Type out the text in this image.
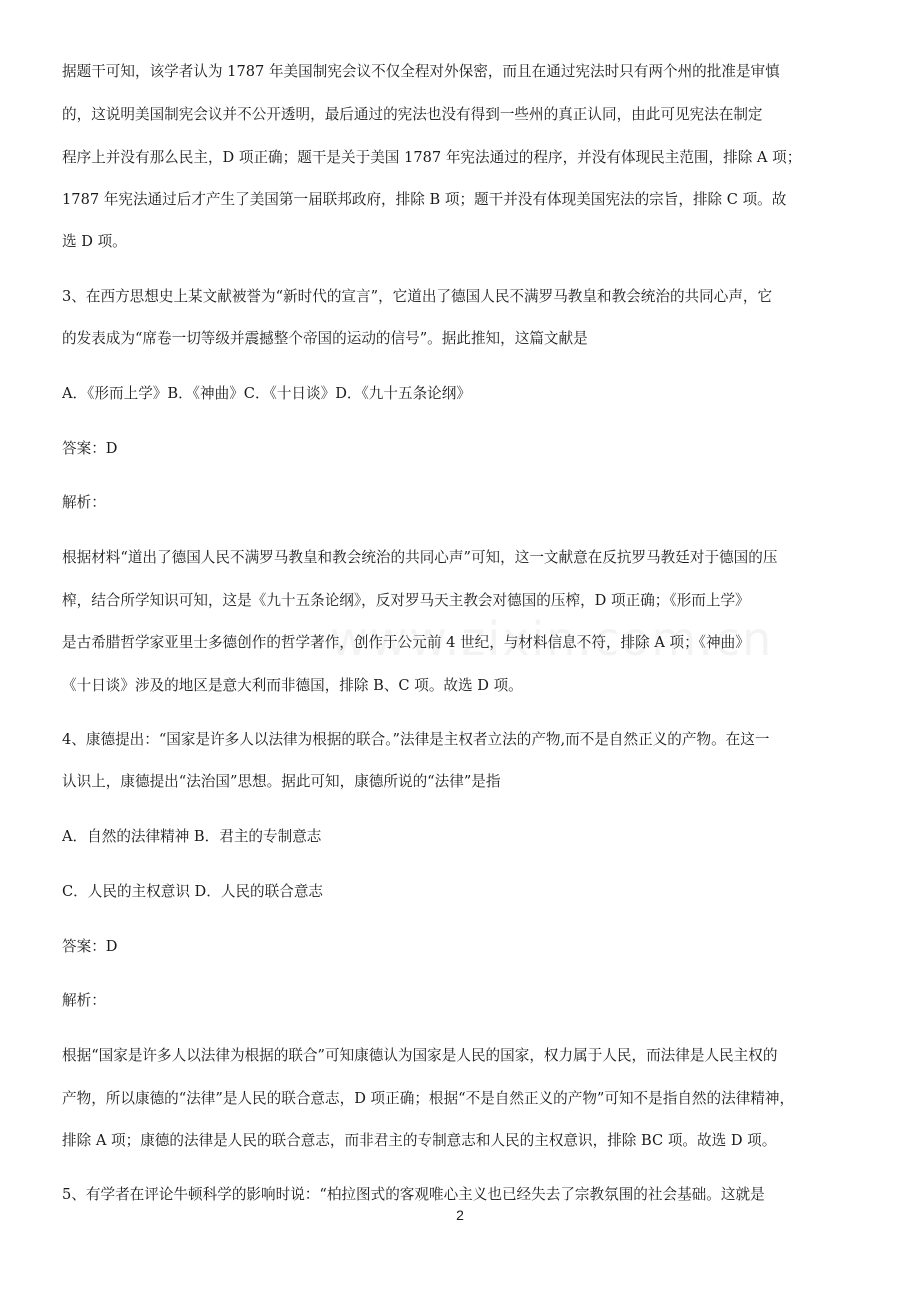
据题干可知，该学者认为 1787 年美国制宪会议不仅全程对外保密，而且在通过宪法时只有两个州的批准是审慎
的，这说明美国制宪会议并不公开透明，最后通过的宪法也没有得到一些州的真正认同，由此可见宪法在制定
程序上并没有那么民主，D 项正确；题干是关于美国 1787 年宪法通过的程序，并没有体现民主范围，排除 A 项；
1787 年宪法通过后才产生了美国第一届联邦政府，排除 B 项；题干并没有体现美国宪法的宗旨，排除 C 项。故
选 D 项。
3、在西方思想史上某文献被誉为“新时代的宣言”，它道出了德国人民不满罗马教皇和教会统治的共同心声，它
的发表成为“席卷一切等级并震撼整个帝国的运动的信号”。据此推知，这篇文献是
A．《形而上学》B．《神曲》C．《十日谈》D．《九十五条论纲》
答案：D
解析：
根据材料“道出了德国人民不满罗马教皇和教会统治的共同心声”可知，这一文献意在反抗罗马教廷对于德国的压
榨，结合所学知识可知，这是《九十五条论纲》，反对罗马天主教会对德国的压榨，D 项正确；《形而上学》
是古希腊哲学家亚里士多德创作的哲学著作，创作于公元前 4 世纪，与材料信息不符，排除 A 项；《神曲》
《十日谈》涉及的地区是意大利而非德国，排除 B、C 项。故选 D 项。
4、康德提出：“国家是许多人以法律为根据的联合。”法律是主权者立法的产物,而不是自然正义的产物。在这一
认识上，康德提出“法治国”思想。据此可知，康德所说的“法律”是指
A．自然的法律精神 B．君主的专制意志
C．人民的主权意识 D．人民的联合意志
答案：D
解析：
根据“国家是许多人以法律为根据的联合”可知康德认为国家是人民的国家，权力属于人民，而法律是人民主权的
产物，所以康德的“法律”是人民的联合意志，D 项正确；根据“不是自然正义的产物”可知不是指自然的法律精神，
排除 A 项；康德的法律是人民的联合意志，而非君主的专制意志和人民的主权意识，排除 BC 项。故选 D 项。
5、有学者在评论牛顿科学的影响时说：“柏拉图式的客观唯心主义也已经失去了宗教氛围的社会基础。这就是
2
